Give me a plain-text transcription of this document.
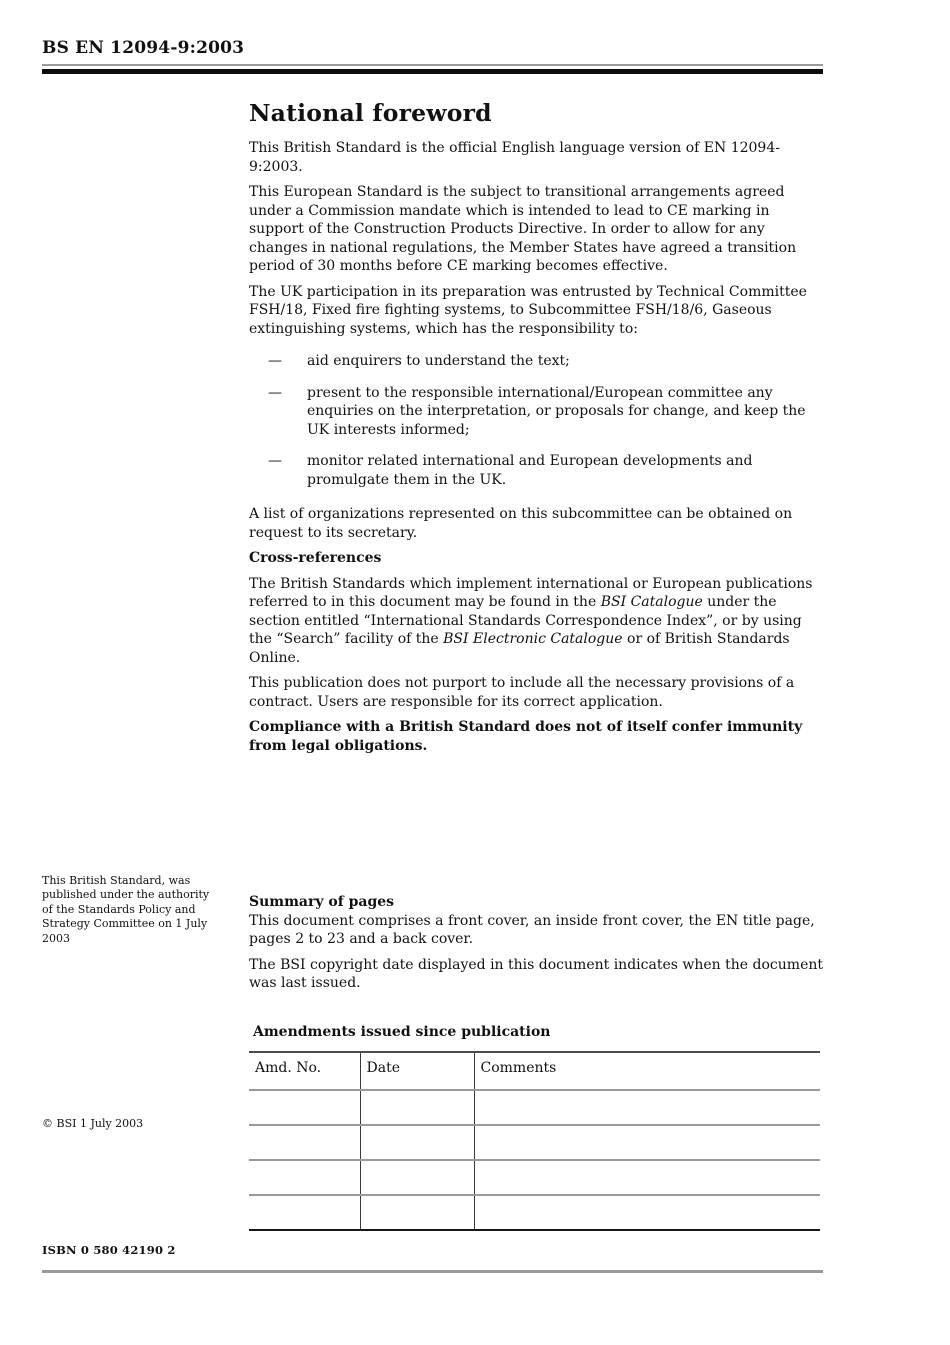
BS EN 12094-9:2003
National foreword

This British Standard is the official English language version of EN 12094-9:2003.

This European Standard is the subject to transitional arrangements agreed under a Commission mandate which is intended to lead to CE marking in support of the Construction Products Directive. In order to allow for any changes in national regulations, the Member States have agreed a transition period of 30 months before CE marking becomes effective.

The UK participation in its preparation was entrusted by Technical Committee FSH/18, Fixed fire fighting systems, to Subcommittee FSH/18/6, Gaseous extinguishing systems, which has the responsibility to:

—	aid enquirers to understand the text;
—	present to the responsible international/European committee any enquiries on the interpretation, or proposals for change, and keep the UK interests informed;
—	monitor related international and European developments and promulgate them in the UK.

A list of organizations represented on this subcommittee can be obtained on request to its secretary.

Cross-references

The British Standards which implement international or European publications referred to in this document may be found in the BSI Catalogue under the section entitled “International Standards Correspondence Index”, or by using the “Search” facility of the BSI Electronic Catalogue or of British Standards Online.

This publication does not purport to include all the necessary provisions of a contract. Users are responsible for its correct application.

Compliance with a British Standard does not of itself confer immunity from legal obligations.

This British Standard, was published under the authority of the Standards Policy and Strategy Committee on 1 July 2003
© BSI 1 July 2003
Summary of pages

This document comprises a front cover, an inside front cover, the EN title page, pages 2 to 23 and a back cover.

The BSI copyright date displayed in this document indicates when the document was last issued.

Amendments issued since publication
Amd. No.	Date	Comments

ISBN 0 580 42190 2
